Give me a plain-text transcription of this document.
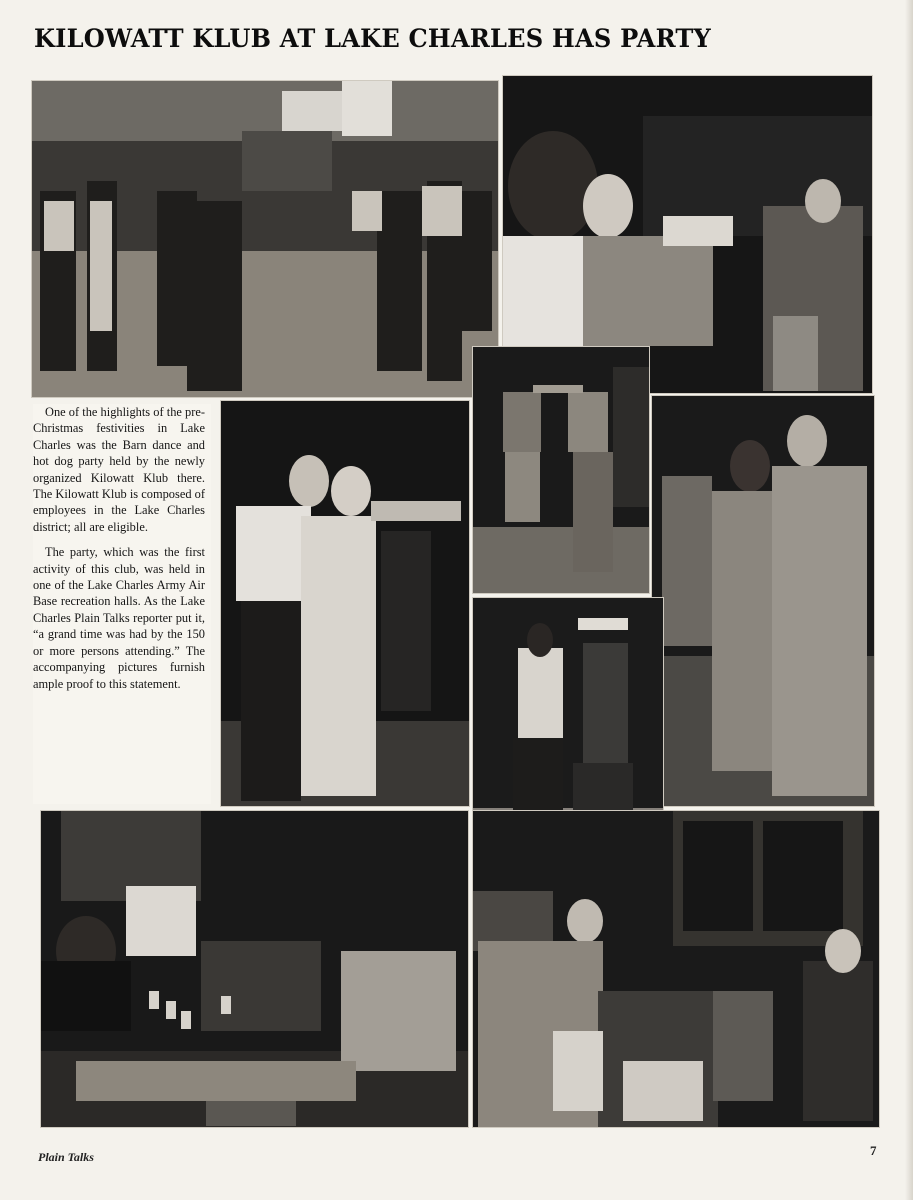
KILOWATT KLUB AT LAKE CHARLES HAS PARTY

One of the highlights of the pre-Christmas festivities in Lake Charles was the Barn dance and hot dog party held by the newly organized Kilowatt Klub there. The Kilowatt Klub is composed of employees in the Lake Charles district; all are eligible.

The party, which was the first activity of this club, was held in one of the Lake Charles Army Air Base recreation halls. As the Lake Charles Plain Talks reporter put it, “a grand time was had by the 150 or more persons attending.” The accompanying pictures furnish ample proof to this statement.

Plain Talks	7
